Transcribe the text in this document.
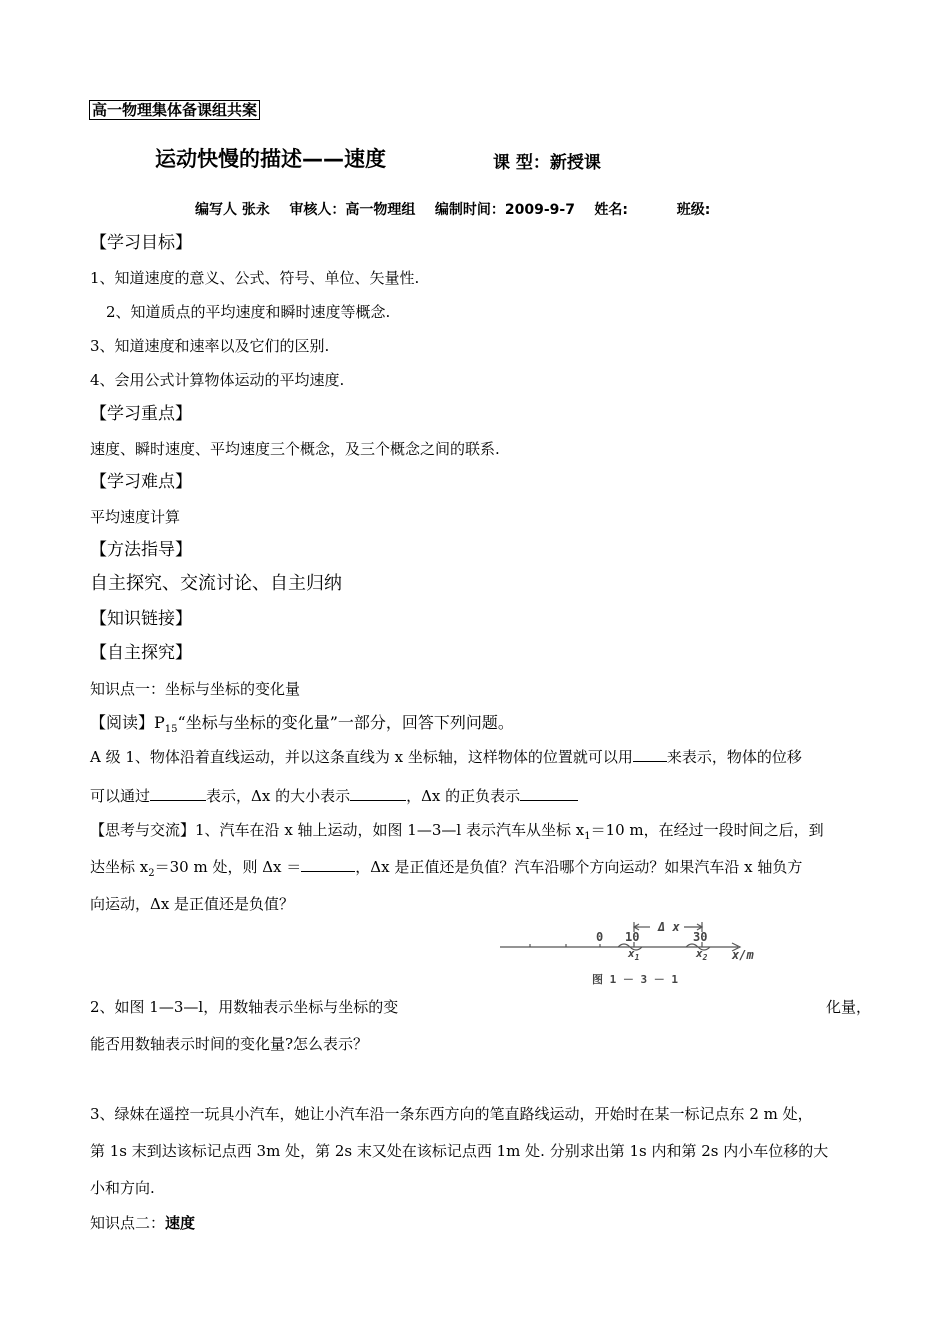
高一物理集体备课组共案
运动快慢的描述——速度	课 型：新授课
编写人 张永    审核人：高一物理组    编制时间：2009-9-7    姓名:          班级:
【学习目标】
1、知道速度的意义、公式、符号、单位、矢量性.
2、知道质点的平均速度和瞬时速度等概念.
3、知道速度和速率以及它们的区别.
4、会用公式计算物体运动的平均速度.
【学习重点】
速度、瞬时速度、平均速度三个概念，及三个概念之间的联系.
【学习难点】
平均速度计算
【方法指导】
自主探究、交流讨论、自主归纳
【知识链接】
【自主探究】
知识点一：坐标与坐标的变化量
【阅读】$P_{15}“$坐标与坐标的变化量”一部分，回答下列问题。
A 级 1、物体沿着直线运动，并以这条直线为 x 坐标轴，这样物体的位置就可以用 来表示，物体的位移
可以通过	表示，Δx 的大小表示	，Δx 的正负表示
【思考与交流】1、汽车在沿 x 轴上运动，如图 1—3—l 表示汽车从坐标 $x_1=10$ m，在经过一段时间之后，到
达坐标 $x_2=30$ m 处，则 Δx ＝	，Δx 是正值还是负值？汽车沿哪个方向运动？如果汽车沿 x 轴负方
向运动，Δx 是正值还是负值？
0 10	30
Δ x
$x_1$	$x_2$ x/m
图 1 － 3 － 1
2、如图 1—3—l，用数轴表示坐标与坐标的变	化量，
能否用数轴表示时间的变化量?怎么表示？
3、绿妹在遥控一玩具小汽车，她让小汽车沿一条东西方向的笔直路线运动，开始时在某一标记点东 2 m 处，
第 1s 末到达该标记点西 3m 处，第 2s 末又处在该标记点西 1m 处. 分别求出第 1s 内和第 2s 内小车位移的大
小和方向.
知识点二：速度
